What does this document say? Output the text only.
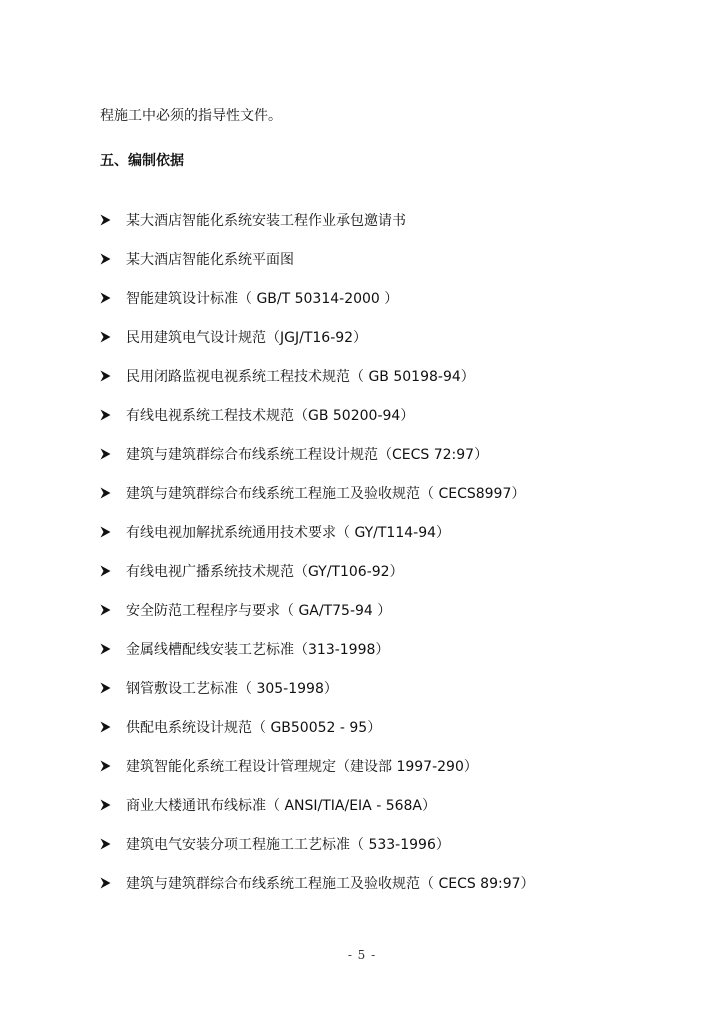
程施工中必须的指导性文件。
五、编制依据
某大酒店智能化系统安装工程作业承包邀请书
某大酒店智能化系统平面图
智能建筑设计标准（ GB/T 50314-2000 ）
民用建筑电气设计规范（JGJ/T16-92）
民用闭路监视电视系统工程技术规范（ GB 50198-94）
有线电视系统工程技术规范（GB 50200-94）
建筑与建筑群综合布线系统工程设计规范（CECS 72:97）
建筑与建筑群综合布线系统工程施工及验收规范（ CECS8997）
有线电视加解扰系统通用技术要求（ GY/T114-94）
有线电视广播系统技术规范（GY/T106-92）
安全防范工程程序与要求（ GA/T75-94 ）
金属线槽配线安装工艺标准（313-1998）
钢管敷设工艺标准（ 305-1998）
供配电系统设计规范（ GB50052 - 95）
建筑智能化系统工程设计管理规定（建设部 1997-290）
商业大楼通讯布线标准（ ANSI/TIA/EIA - 568A）
建筑电气安装分项工程施工工艺标准（ 533-1996）
建筑与建筑群综合布线系统工程施工及验收规范（ CECS 89:97）
- 5 -
